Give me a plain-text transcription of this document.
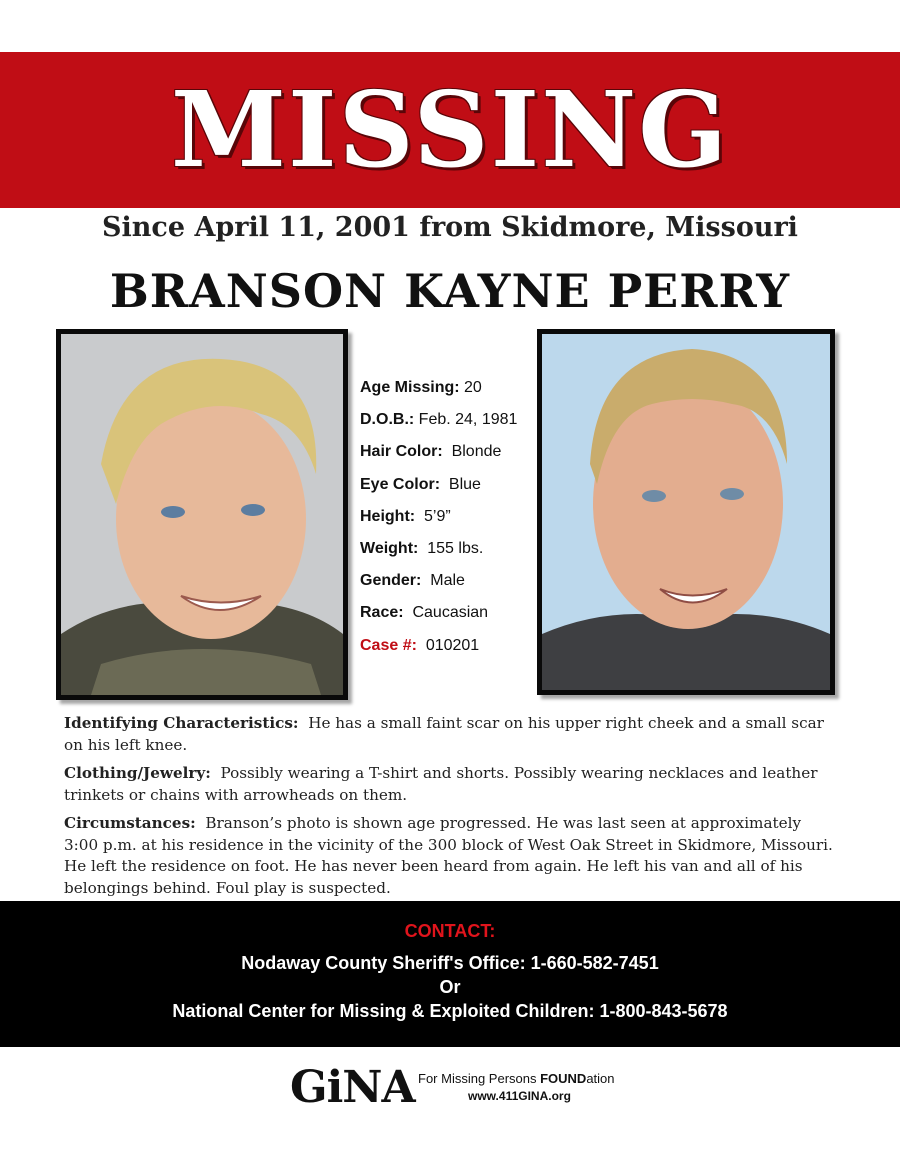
MISSING
Since April 11, 2001 from Skidmore, Missouri
BRANSON KAYNE PERRY
Age Missing: 20
D.O.B.: Feb. 24, 1981
Hair Color: Blonde
Eye Color: Blue
Height: 5’9”
Weight: 155 lbs.
Gender: Male
Race: Caucasian
Case #: 010201

Identifying Characteristics: He has a small faint scar on his upper right cheek and a small scar on his left knee.

Clothing/Jewelry: Possibly wearing a T-shirt and shorts. Possibly wearing necklaces and leather trinkets or chains with arrowheads on them.

Circumstances: Branson’s photo is shown age progressed. He was last seen at approximately 3:00 p.m. at his residence in the vicinity of the 300 block of West Oak Street in Skidmore, Missouri. He left the residence on foot. He has never been heard from again. He left his van and all of his belongings behind. Foul play is suspected.

CONTACT:
Nodaway County Sheriff's Office: 1-660-582-7451
Or
National Center for Missing & Exploited Children: 1-800-843-5678
GiNA For Missing Persons FOUNDation
www.411GINA.org
